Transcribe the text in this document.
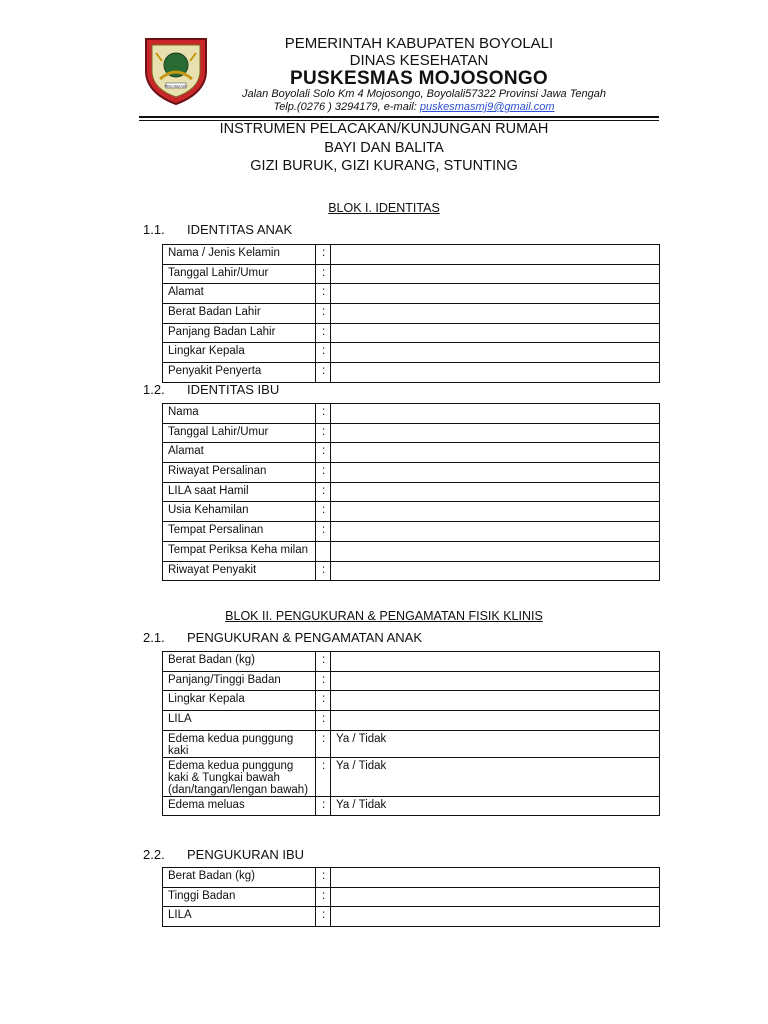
PRO RAKYAT
PEMERINTAH KABUPATEN BOYOLALI
DINAS KESEHATAN
PUSKESMAS MOJOSONGO
Jalan Boyolali Solo Km 4 Mojosongo, Boyolali57322 Provinsi Jawa Tengah
Telp.(0276 ) 3294179, e-mail: puskesmasmj9@gmail.com
INSTRUMEN PELACAKAN/KUNJUNGAN RUMAH
BAYI DAN BALITA
GIZI BURUK, GIZI KURANG, STUNTING
BLOK I. IDENTITAS
1.1. IDENTITAS ANAK
Nama / Jenis Kelamin	:	
Tanggal Lahir/Umur	:	
Alamat	:	
Berat Badan Lahir	:	
Panjang Badan Lahir	:	
Lingkar Kepala	:	
Penyakit Penyerta	:	
1.2. IDENTITAS IBU
Nama	:	
Tanggal Lahir/Umur	:	
Alamat	:	
Riwayat Persalinan	:	
LILA saat Hamil	:	
Usia Kehamilan	:	
Tempat Persalinan	:	
Tempat Periksa Keha milan		
Riwayat Penyakit	:	
BLOK II. PENGUKURAN & PENGAMATAN FISIK KLINIS
2.1. PENGUKURAN & PENGAMATAN ANAK
Berat Badan (kg)	:	
Panjang/Tinggi Badan	:	
Lingkar Kepala	:	
LILA	:	
Edema kedua punggung kaki	:	Ya / Tidak
Edema kedua punggung kaki & Tungkai bawah (dan/tangan/lengan bawah)	:	Ya / Tidak
Edema meluas	:	Ya / Tidak
2.2. PENGUKURAN IBU
Berat Badan (kg)	:	
Tinggi Badan	:	
LILA	:	
